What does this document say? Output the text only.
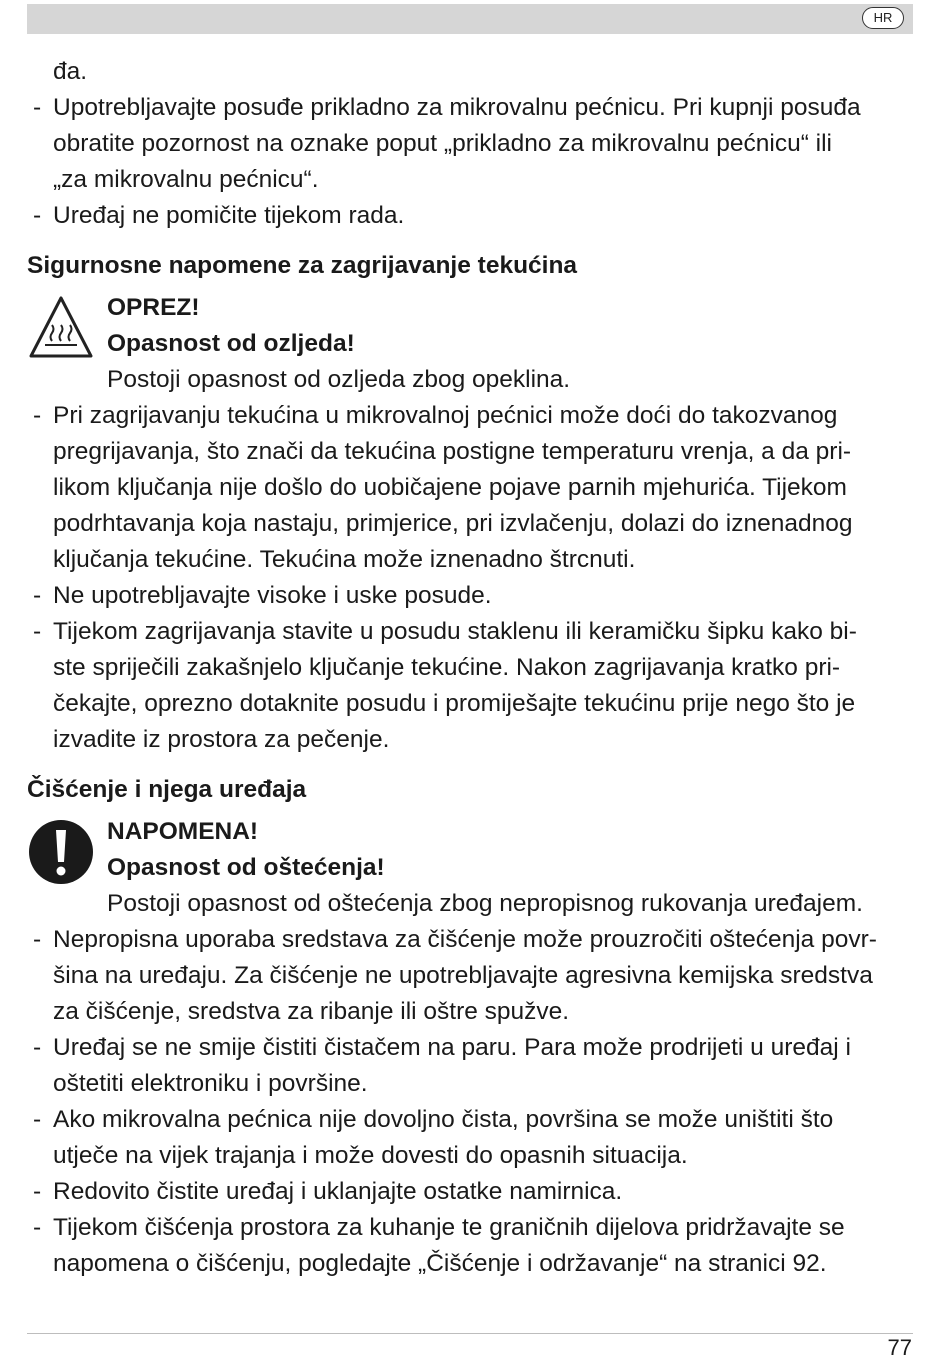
HR
đa.
- Upotrebljavajte posuđe prikladno za mikrovalnu pećnicu. Pri kupnji posuđa
obratite pozornost na oznake poput „prikladno za mikrovalnu pećnicu“ ili
„za mikrovalnu pećnicu“.
- Uređaj ne pomičite tijekom rada.
Sigurnosne napomene za zagrijavanje tekućina
OPREZ!
Opasnost od ozljeda!
Postoji opasnost od ozljeda zbog opeklina.
- Pri zagrijavanju tekućina u mikrovalnoj pećnici može doći do takozvanog
pregrijavanja, što znači da tekućina postigne temperaturu vrenja, a da pri-
likom ključanja nije došlo do uobičajene pojave parnih mjehurića. Tijekom
podrhtavanja koja nastaju, primjerice, pri izvlačenju, dolazi do iznenadnog
ključanja tekućine. Tekućina može iznenadno štrcnuti.
- Ne upotrebljavajte visoke i uske posude.
- Tijekom zagrijavanja stavite u posudu staklenu ili keramičku šipku kako bi-
ste spriječili zakašnjelo ključanje tekućine. Nakon zagrijavanja kratko pri-
čekajte, oprezno dotaknite posudu i promiješajte tekućinu prije nego što je
izvadite iz prostora za pečenje.
Čišćenje i njega uređaja
NAPOMENA!
Opasnost od oštećenja!
Postoji opasnost od oštećenja zbog nepropisnog rukovanja uređajem.
- Nepropisna uporaba sredstava za čišćenje može prouzročiti oštećenja povr-
šina na uređaju. Za čišćenje ne upotrebljavajte agresivna kemijska sredstva
za čišćenje, sredstva za ribanje ili oštre spužve.
- Uređaj se ne smije čistiti čistačem na paru. Para može prodrijeti u uređaj i
oštetiti elektroniku i površine.
- Ako mikrovalna pećnica nije dovoljno čista, površina se može uništiti što
utječe na vijek trajanja i može dovesti do opasnih situacija.
- Redovito čistite uređaj i uklanjajte ostatke namirnica.
- Tijekom čišćenja prostora za kuhanje te graničnih dijelova pridržavajte se
napomena o čišćenju, pogledajte „Čišćenje i održavanje“ na stranici 92.
77
